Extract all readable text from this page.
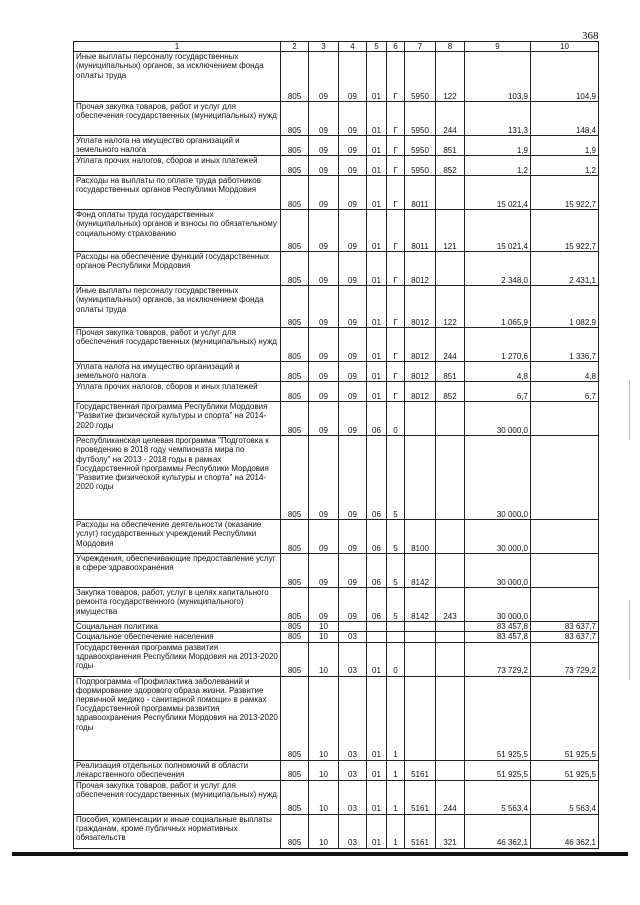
368
1	2	3	4	5	6	7	8	9	10
Иные выплаты персоналу государственных (муниципальных) органов, за исключением фонда оплаты труда	805	09	09	01	Г	5950	122	103,9	104,9
Прочая закупка товаров, работ и услуг для обеспечения государственных (муниципальных) нужд	805	09	09	01	Г	5950	244	131,3	148,4
Уплата налога на имущество организаций и земельного налога	805	09	09	01	Г	5950	851	1,9	1,9
Уплата прочих налогов, сборов и иных платежей	805	09	09	01	Г	5950	852	1,2	1,2
Расходы на выплаты по оплате труда работников государственных органов Республики Мордовия	805	09	09	01	Г	8011		15 021,4	15 922,7
Фонд оплаты труда государственных (муниципальных) органов и взносы по обязательному социальному страхованию	805	09	09	01	Г	8011	121	15 021,4	15 922,7
Расходы на обеспечение функций государственных органов Республики Мордовия	805	09	09	01	Г	8012		2 348,0	2 431,1
Иные выплаты персоналу государственных (муниципальных) органов, за исключением фонда оплаты труда	805	09	09	01	Г	8012	122	1 065,9	1 082,9
Прочая закупка товаров, работ и услуг для обеспечения государственных (муниципальных) нужд	805	09	09	01	Г	8012	244	1 270,6	1 336,7
Уплата налога на имущество организаций и земельного налога	805	09	09	01	Г	8012	851	4,8	4,8
Уплата прочих налогов, сборов и иных платежей	805	09	09	01	Г	8012	852	6,7	6,7
Государственная программа Республики Мордовия "Развитие физической культуры и спорта" на 2014-2020 годы	805	09	09	06	0			30 000,0	
Республиканская целевая программа "Подготовка к проведению в 2018 году чемпионата мира по футболу" на 2013 - 2018 годы в рамках Государственной программы Республики Мордовия "Развитие физической культуры и спорта" на 2014-2020 годы	805	09	09	06	5			30 000,0	
Расходы на обеспечение деятельности (оказание услуг) государственных учреждений Республики Мордовия	805	09	09	06	5	8100		30 000,0	
Учреждения, обеспечивающие предоставление услуг в сфере здравоохранения	805	09	09	06	5	8142		30 000,0	
Закупка товаров, работ, услуг в целях капитального ремонта государственного (муниципального) имущества	805	09	09	06	5	8142	243	30 000,0	
Социальная политика	805	10						83 457,8	83 637,7
Социальное обеспечение населения	805	10	03					83 457,8	83 637,7
Государственная программа развития здравоохранения Республики Мордовия на 2013-2020 годы	805	10	03	01	0			73 729,2	73 729,2
Подпрограмма «Профилактика заболеваний и формирование здорового образа жизни. Развитие первичной медико - санитарной помощи» в рамках Государственной программы развития здравоохранения Республики Мордовия на 2013-2020 годы	805	10	03	01	1			51 925,5	51 925,5
Реализация отдельных полномочий в области лекарственного обеспечения	805	10	03	01	1	5161		51 925,5	51 925,5
Прочая закупка товаров, работ и услуг для обеспечения государственных (муниципальных) нужд	805	10	03	01	1	5161	244	5 563,4	5 563,4
Пособия, компенсации и иные социальные выплаты гражданам, кроме публичных нормативных обязательств	805	10	03	01	1	5161	321	46 362,1	46 362,1
